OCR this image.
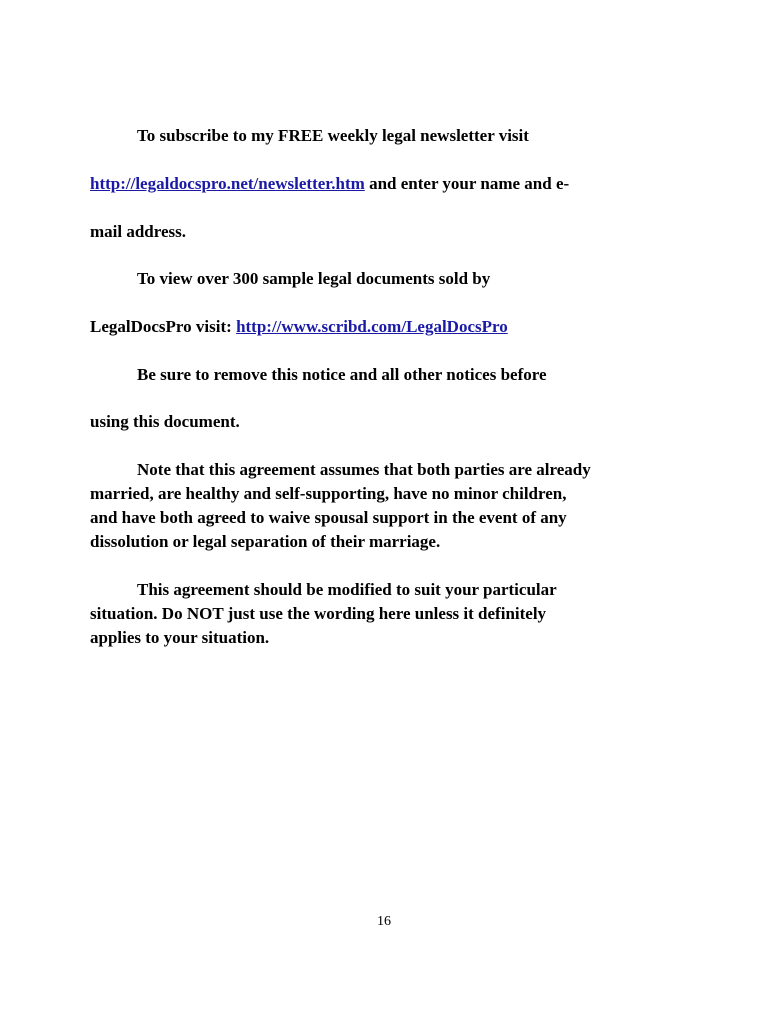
To subscribe to my FREE weekly legal newsletter visit
http://legaldocspro.net/newsletter.htm and enter your name and e-
mail address.
To view over 300 sample legal documents sold by
LegalDocsPro visit: http://www.scribd.com/LegalDocsPro
Be sure to remove this notice and all other notices before
using this document.
Note that this agreement assumes that both parties are already
married, are healthy and self-supporting, have no minor children,
and have both agreed to waive spousal support in the event of any
dissolution or legal separation of their marriage.
This agreement should be modified to suit your particular
situation. Do NOT just use the wording here unless it definitely
applies to your situation.
16
